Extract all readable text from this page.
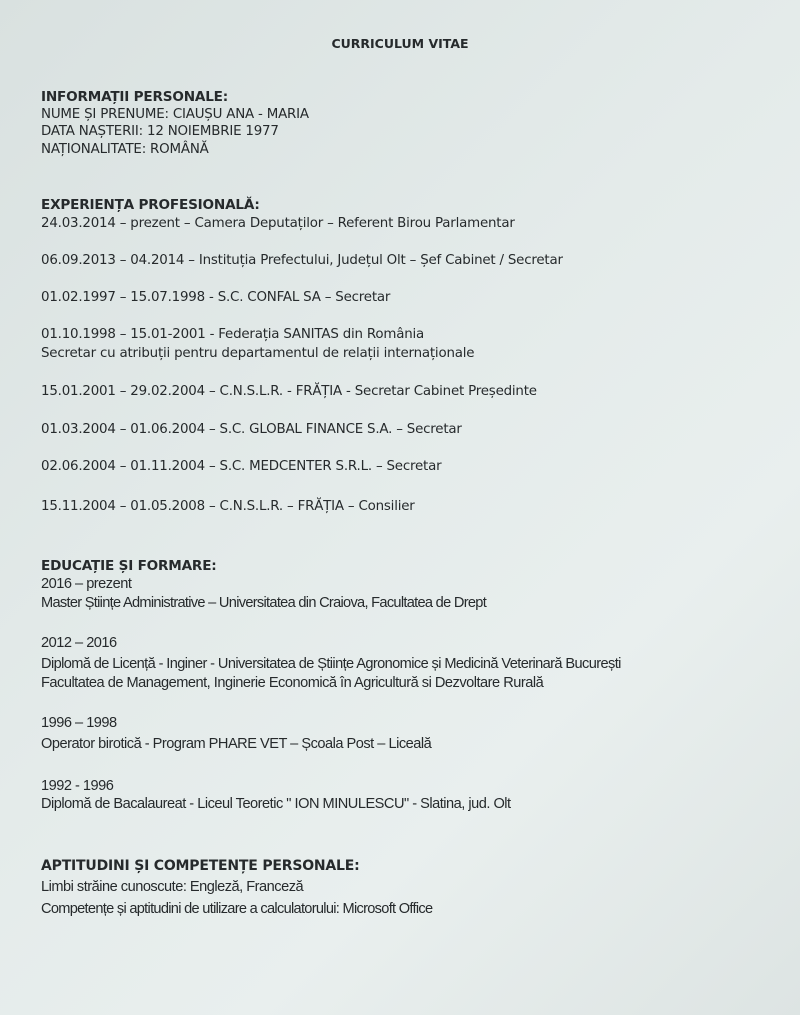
CURRICULUM VITAE
INFORMAȚII PERSONALE:
NUME ȘI PRENUME: CIAUȘU ANA - MARIA
DATA NAȘTERII: 12 NOIEMBRIE 1977
NAȚIONALITATE: ROMÂNĂ
EXPERIENȚA PROFESIONALĂ:
24.03.2014 – prezent – Camera Deputaților – Referent Birou Parlamentar
06.09.2013 – 04.2014 – Instituția Prefectului, Județul Olt – Șef Cabinet / Secretar
01.02.1997 – 15.07.1998 - S.C. CONFAL SA – Secretar
01.10.1998 – 15.01-2001 - Federația SANITAS din România
Secretar cu atribuții pentru departamentul de relații internaționale
15.01.2001 – 29.02.2004 – C.N.S.L.R. - FRĂȚIA - Secretar Cabinet Președinte
01.03.2004 – 01.06.2004 – S.C. GLOBAL FINANCE S.A. – Secretar
02.06.2004 – 01.11.2004 – S.C. MEDCENTER S.R.L. – Secretar
15.11.2004 – 01.05.2008 – C.N.S.L.R. – FRĂȚIA – Consilier
EDUCAȚIE ȘI FORMARE:
2016 – prezent
Master Științe Administrative – Universitatea din Craiova, Facultatea de Drept
2012 – 2016
Diplomă de Licență - Inginer - Universitatea de Științe Agronomice și Medicină Veterinară București
Facultatea de Management, Inginerie Economică în Agricultură si Dezvoltare Rurală
1996 – 1998
Operator birotică - Program PHARE VET – Școala Post – Liceală
1992 - 1996
Diplomă de Bacalaureat - Liceul Teoretic " ION MINULESCU" - Slatina, jud. Olt
APTITUDINI ȘI COMPETENȚE PERSONALE:
Limbi străine cunoscute: Engleză, Franceză
Competențe și aptitudini de utilizare a calculatorului: Microsoft Office
